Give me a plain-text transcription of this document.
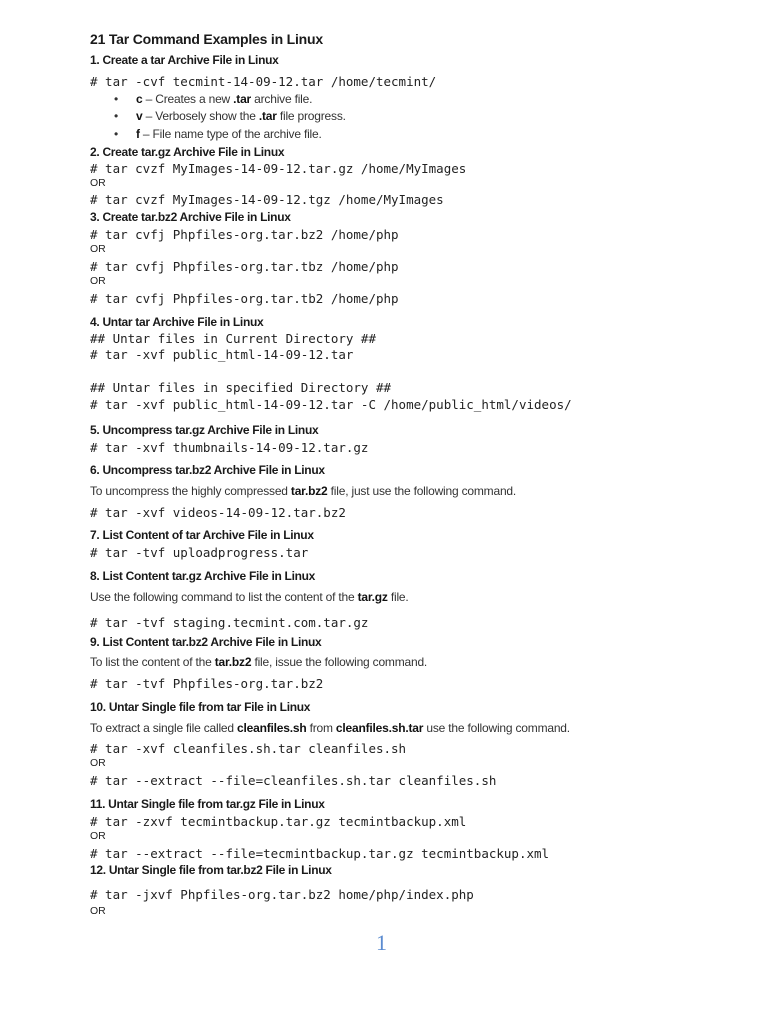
21 Tar Command Examples in Linux
1. Create a tar Archive File in Linux
# tar -cvf tecmint-14-09-12.tar /home/tecmint/
• c – Creates a new .tar archive file.
• v – Verbosely show the .tar file progress.
• f – File name type of the archive file.
2. Create tar.gz Archive File in Linux
# tar cvzf MyImages-14-09-12.tar.gz /home/MyImages
OR
# tar cvzf MyImages-14-09-12.tgz /home/MyImages
3. Create tar.bz2 Archive File in Linux
# tar cvfj Phpfiles-org.tar.bz2 /home/php
OR
# tar cvfj Phpfiles-org.tar.tbz /home/php
OR
# tar cvfj Phpfiles-org.tar.tb2 /home/php
4. Untar tar Archive File in Linux
## Untar files in Current Directory ##
# tar -xvf public_html-14-09-12.tar
## Untar files in specified Directory ##
# tar -xvf public_html-14-09-12.tar -C /home/public_html/videos/
5. Uncompress tar.gz Archive File in Linux
# tar -xvf thumbnails-14-09-12.tar.gz
6. Uncompress tar.bz2 Archive File in Linux
To uncompress the highly compressed tar.bz2 file, just use the following command.
# tar -xvf videos-14-09-12.tar.bz2
7. List Content of tar Archive File in Linux
# tar -tvf uploadprogress.tar
8. List Content tar.gz Archive File in Linux
Use the following command to list the content of the tar.gz file.
# tar -tvf staging.tecmint.com.tar.gz
9. List Content tar.bz2 Archive File in Linux
To list the content of the tar.bz2 file, issue the following command.
# tar -tvf Phpfiles-org.tar.bz2
10. Untar Single file from tar File in Linux
To extract a single file called cleanfiles.sh from cleanfiles.sh.tar use the following command.
# tar -xvf cleanfiles.sh.tar cleanfiles.sh
OR
# tar --extract --file=cleanfiles.sh.tar cleanfiles.sh
11. Untar Single file from tar.gz File in Linux
# tar -zxvf tecmintbackup.tar.gz tecmintbackup.xml
OR
# tar --extract --file=tecmintbackup.tar.gz tecmintbackup.xml
12. Untar Single file from tar.bz2 File in Linux
# tar -jxvf Phpfiles-org.tar.bz2 home/php/index.php
OR
1
